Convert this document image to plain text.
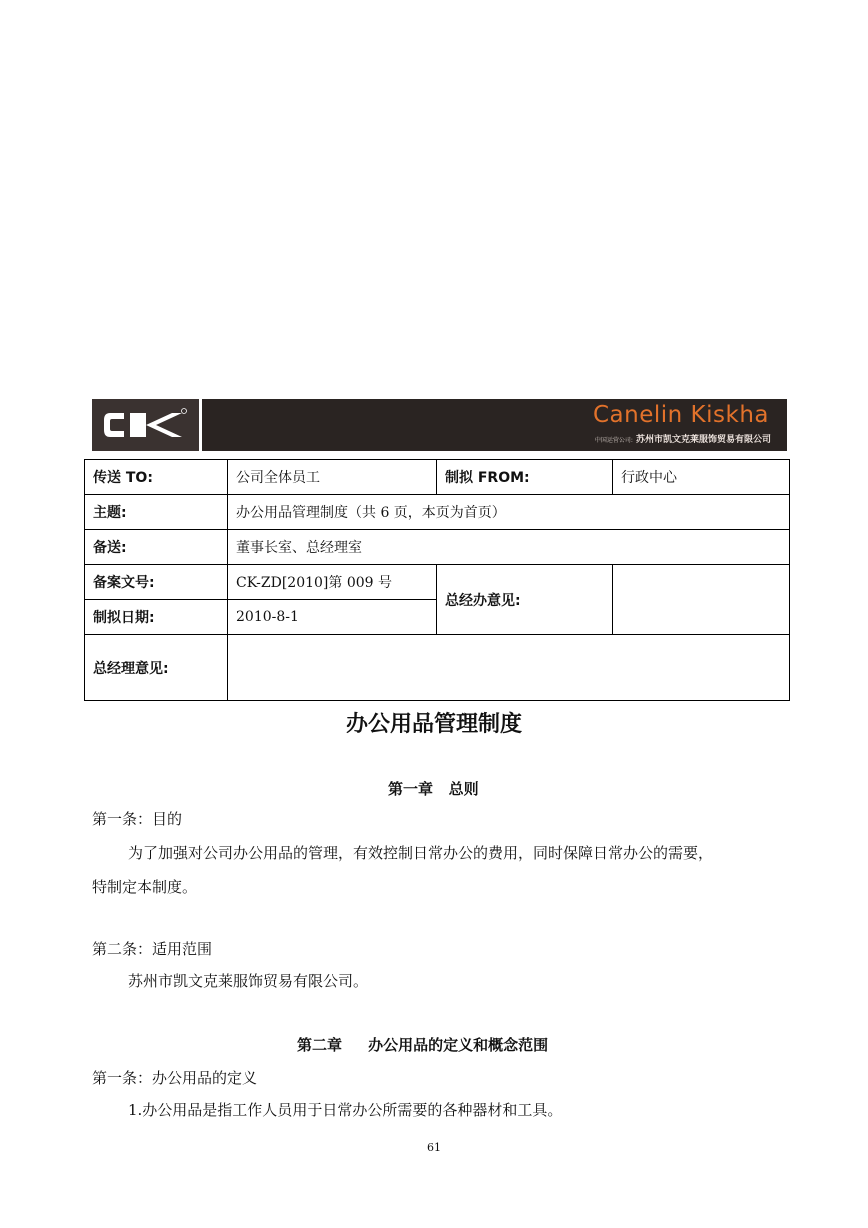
Canelin Kiskha
中国运营公司: 苏州市凯文克莱服饰贸易有限公司
传送 TO:	公司全体员工	制拟 FROM:	行政中心
主题:	办公用品管理制度（共 6 页，本页为首页）		
备送:	董事长室、总经理室		
备案文号:	CK-ZD[2010]第 009 号	总经办意见:	
制拟日期:	2010-8-1		
总经理意见:			
办公用品管理制度
第一章   总则
第一条：目的
为了加强对公司办公用品的管理，有效控制日常办公的费用，同时保障日常办公的需要，
特制定本制度。
第二条：适用范围
苏州市凯文克莱服饰贸易有限公司。
第二章     办公用品的定义和概念范围
第一条：办公用品的定义
1.办公用品是指工作人员用于日常办公所需要的各种器材和工具。
61
